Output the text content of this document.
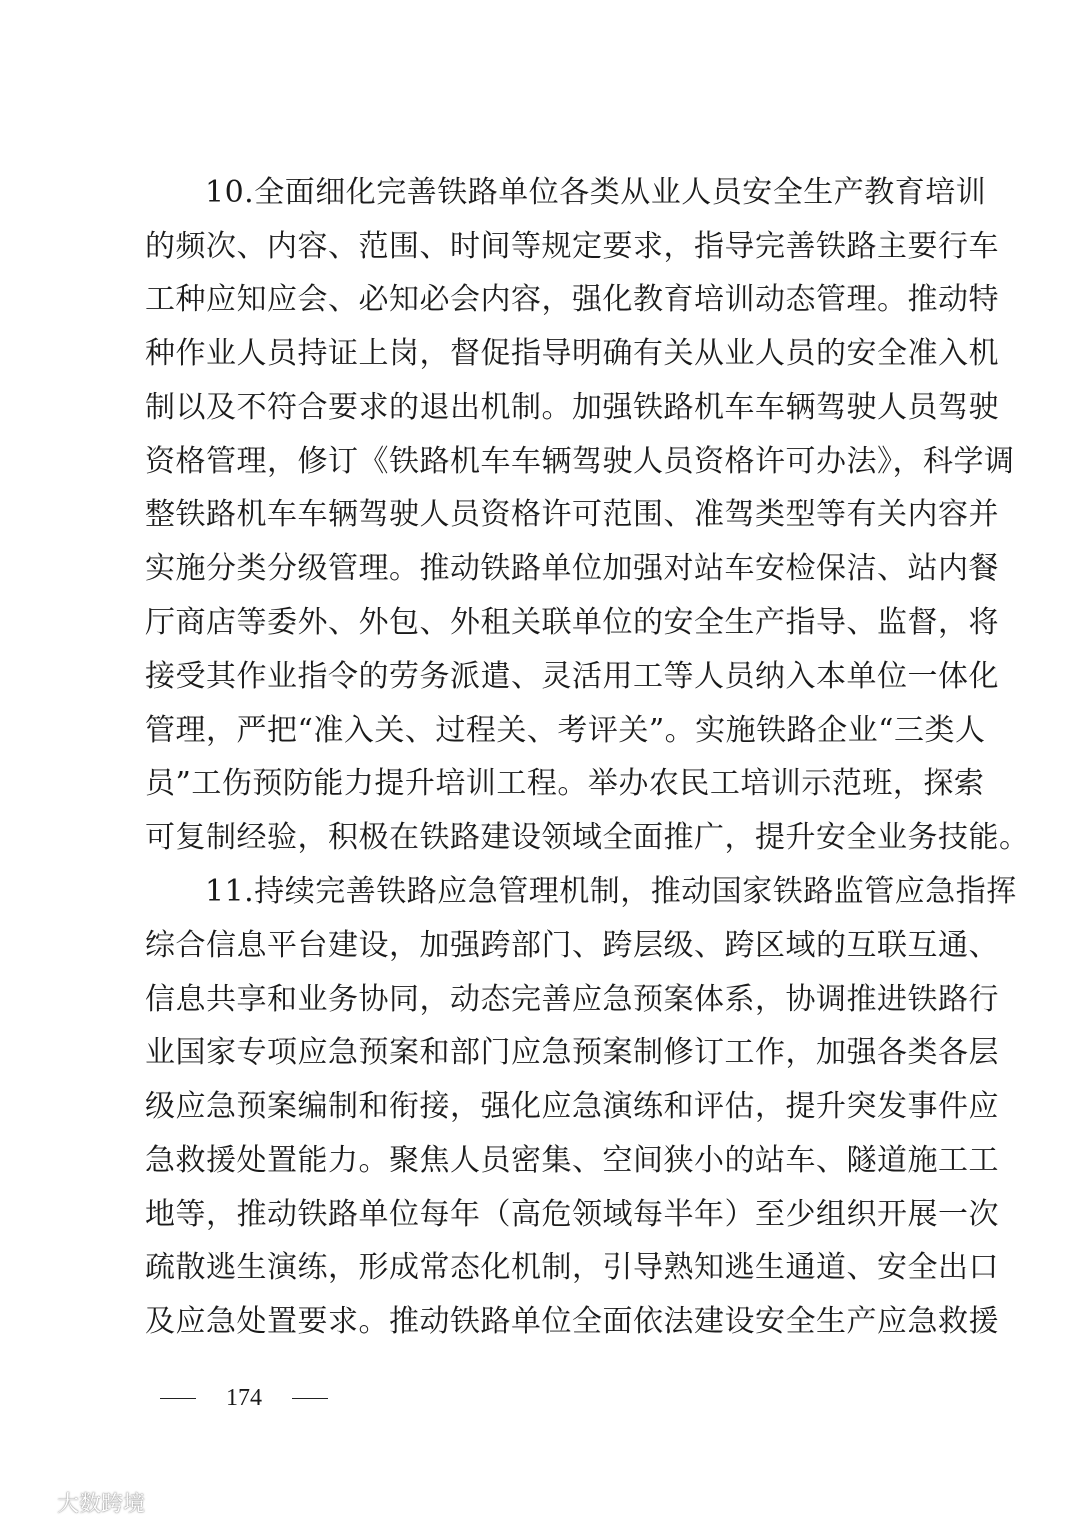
10.全面细化完善铁路单位各类从业人员安全生产教育培训
的频次、内容、范围、时间等规定要求，指导完善铁路主要行车
工种应知应会、必知必会内容，强化教育培训动态管理。推动特
种作业人员持证上岗，督促指导明确有关从业人员的安全准入机
制以及不符合要求的退出机制。加强铁路机车车辆驾驶人员驾驶
资格管理，修订《铁路机车车辆驾驶人员资格许可办法》，科学调
整铁路机车车辆驾驶人员资格许可范围、准驾类型等有关内容并
实施分类分级管理。推动铁路单位加强对站车安检保洁、站内餐
厅商店等委外、外包、外租关联单位的安全生产指导、监督，将
接受其作业指令的劳务派遣、灵活用工等人员纳入本单位一体化
管理，严把“准入关、过程关、考评关”。实施铁路企业“三类人
员”工伤预防能力提升培训工程。举办农民工培训示范班，探索
可复制经验，积极在铁路建设领域全面推广，提升安全业务技能。
11.持续完善铁路应急管理机制，推动国家铁路监管应急指挥
综合信息平台建设，加强跨部门、跨层级、跨区域的互联互通、
信息共享和业务协同，动态完善应急预案体系，协调推进铁路行
业国家专项应急预案和部门应急预案制修订工作，加强各类各层
级应急预案编制和衔接，强化应急演练和评估，提升突发事件应
急救援处置能力。聚焦人员密集、空间狭小的站车、隧道施工工
地等，推动铁路单位每年（高危领域每半年）至少组织开展一次
疏散逃生演练，形成常态化机制，引导熟知逃生通道、安全出口
及应急处置要求。推动铁路单位全面依法建设安全生产应急救援
174
大数跨境
